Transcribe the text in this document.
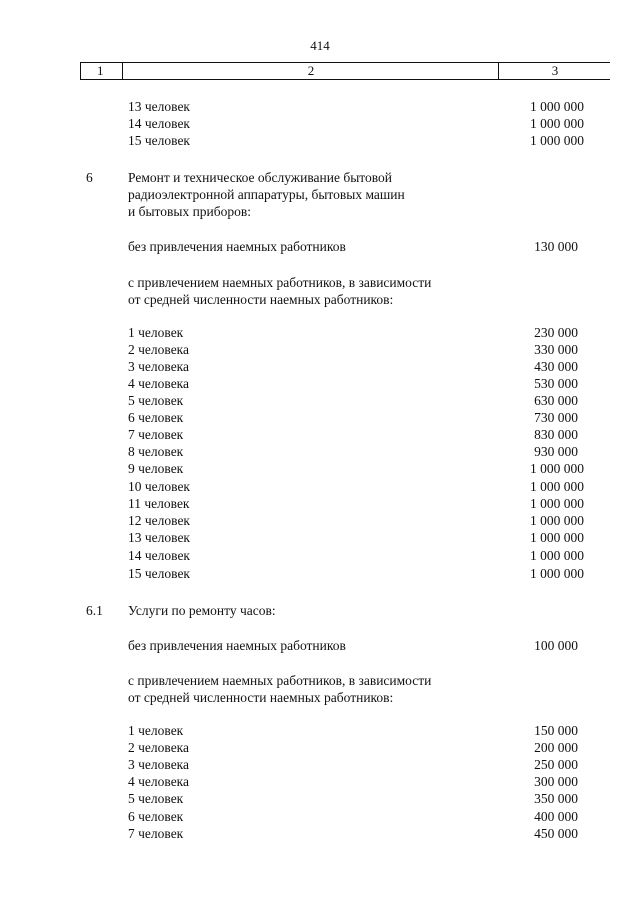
414
1	2	3
13 человек	1 000 000
14 человек	1 000 000
15 человек	1 000 000
6	Ремонт и техническое обслуживание бытовой
радиоэлектронной аппаратуры, бытовых машин
и бытовых приборов:
без привлечения наемных работников	130 000
с привлечением наемных работников, в зависимости
от средней численности наемных работников:
1 человек	230 000
2 человека	330 000
3 человека	430 000
4 человека	530 000
5 человек	630 000
6 человек	730 000
7 человек	830 000
8 человек	930 000
9 человек	1 000 000
10 человек	1 000 000
11 человек	1 000 000
12 человек	1 000 000
13 человек	1 000 000
14 человек	1 000 000
15 человек	1 000 000
6.1 Услуги по ремонту часов:
без привлечения наемных работников	100 000
с привлечением наемных работников, в зависимости
от средней численности наемных работников:
1 человек	150 000
2 человека	200 000
3 человека	250 000
4 человека	300 000
5 человек	350 000
6 человек	400 000
7 человек	450 000
